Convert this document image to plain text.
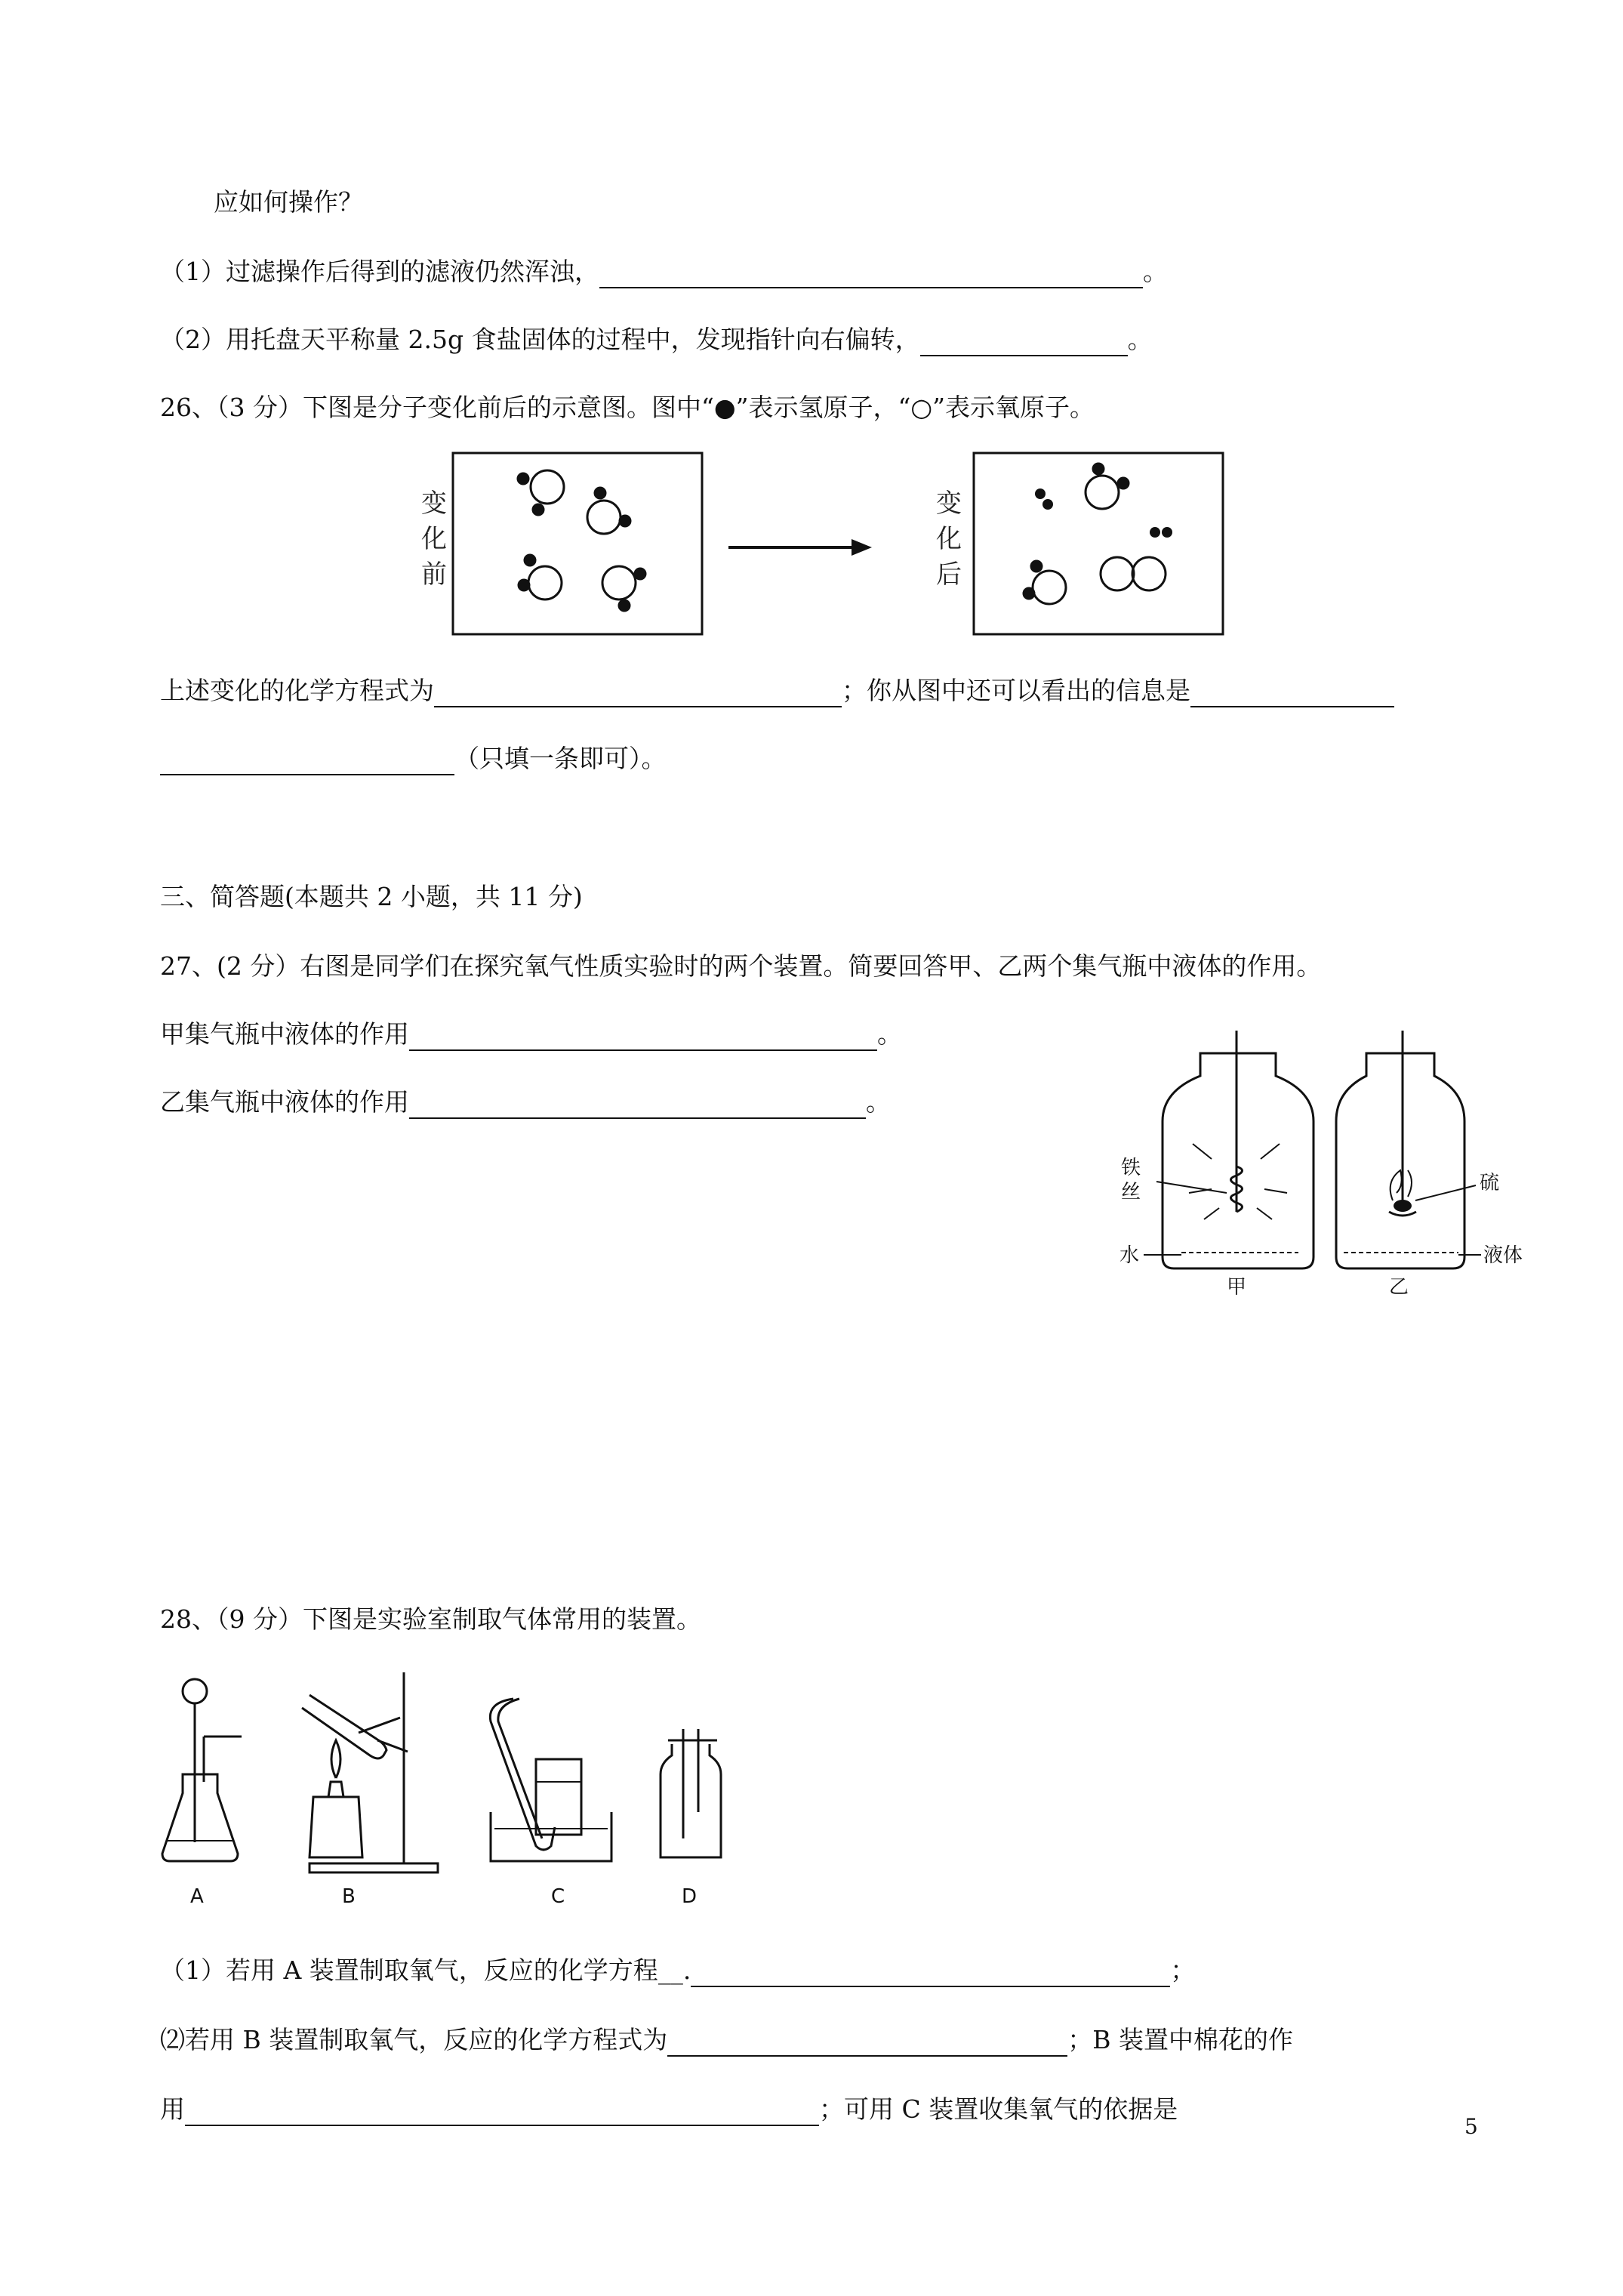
应如何操作？
（1）过滤操作后得到的滤液仍然浑浊，	。
（2）用托盘天平称量 2.5g 食盐固体的过程中，发现指针向右偏转，	。
26、（3 分）下图是分子变化前后的示意图。图中“●”表示氢原子，“○”表示氧原子。
变
化
前
变
化
后
上述变化的化学方程式为	；你从图中还可以看出的信息是
（只填一条即可）。
三、简答题(本题共 2 小题，共 11 分)
27、(2 分）右图是同学们在探究氧气性质实验时的两个装置。简要回答甲、乙两个集气瓶中液体的作用。
甲集气瓶中液体的作用	。
乙集气瓶中液体的作用	。
铁
丝
水
甲
硫
液体
乙
28、（9 分）下图是实验室制取气体常用的装置。
A	B	C	D
（1）若用 A 装置制取氧气，反应的化学方程__.	；
⑵若用 B 装置制取氧气，反应的化学方程式为	；B 装置中棉花的作
用	；可用 C 装置收集氧气的依据是
5
